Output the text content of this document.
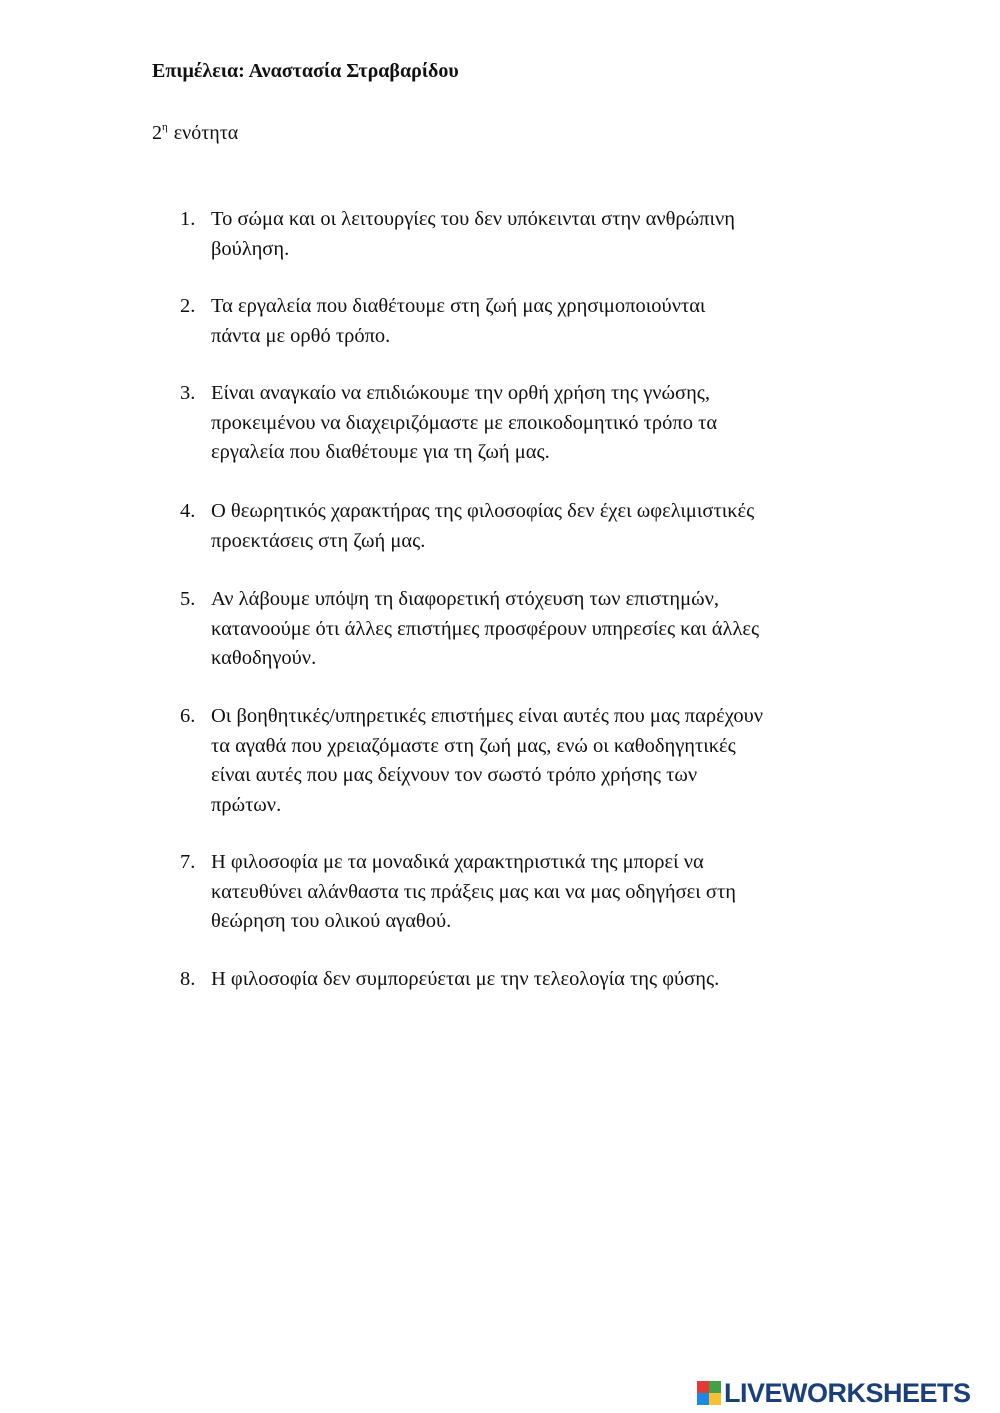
Επιμέλεια: Αναστασία Στραβαρίδου

$2^\eta$ ενότητα

1. Το σώμα και οι λειτουργίες του δεν υπόκεινται στην ανθρώπινη
βούληση.
2. Τα εργαλεία που διαθέτουμε στη ζωή μας χρησιμοποιούνται
πάντα με ορθό τρόπο.
3. Είναι αναγκαίο να επιδιώκουμε την ορθή χρήση της γνώσης,
προκειμένου να διαχειριζόμαστε με εποικοδομητικό τρόπο τα
εργαλεία που διαθέτουμε για τη ζωή μας.
4. Ο θεωρητικός χαρακτήρας της φιλοσοφίας δεν έχει ωφελιμιστικές
προεκτάσεις στη ζωή μας.
5. Αν λάβουμε υπόψη τη διαφορετική στόχευση των επιστημών,
κατανοούμε ότι άλλες επιστήμες προσφέρουν υπηρεσίες και άλλες
καθοδηγούν.
6. Οι βοηθητικές/υπηρετικές επιστήμες είναι αυτές που μας παρέχουν
τα αγαθά που χρειαζόμαστε στη ζωή μας, ενώ οι καθοδηγητικές
είναι αυτές που μας δείχνουν τον σωστό τρόπο χρήσης των
πρώτων.
7. Η φιλοσοφία με τα μοναδικά χαρακτηριστικά της μπορεί να
κατευθύνει αλάνθαστα τις πράξεις μας και να μας οδηγήσει στη
θεώρηση του ολικού αγαθού.
8. Η φιλοσοφία δεν συμπορεύεται με την τελεολογία της φύσης.
LIVEWORKSHEETS
